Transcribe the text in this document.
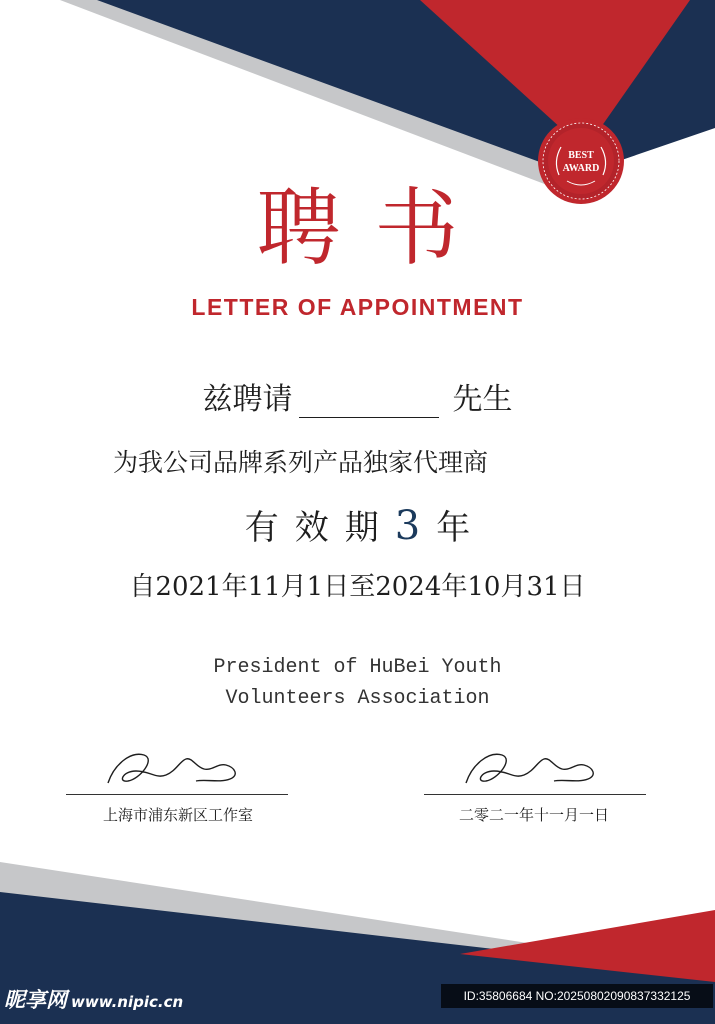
BEST
AWARD
聘书
LETTER OF APPOINTMENT
兹聘请	先生
为我公司品牌系列产品独家代理商
有 效 期 3 年
自2021年11月1日至2024年10月31日
President of HuBei Youth
Volunteers Association
上海市浦东新区工作室	二零二一年十一月一日
昵享网 www.nipic.cn	ID:35806684 NO:20250802090837332125
